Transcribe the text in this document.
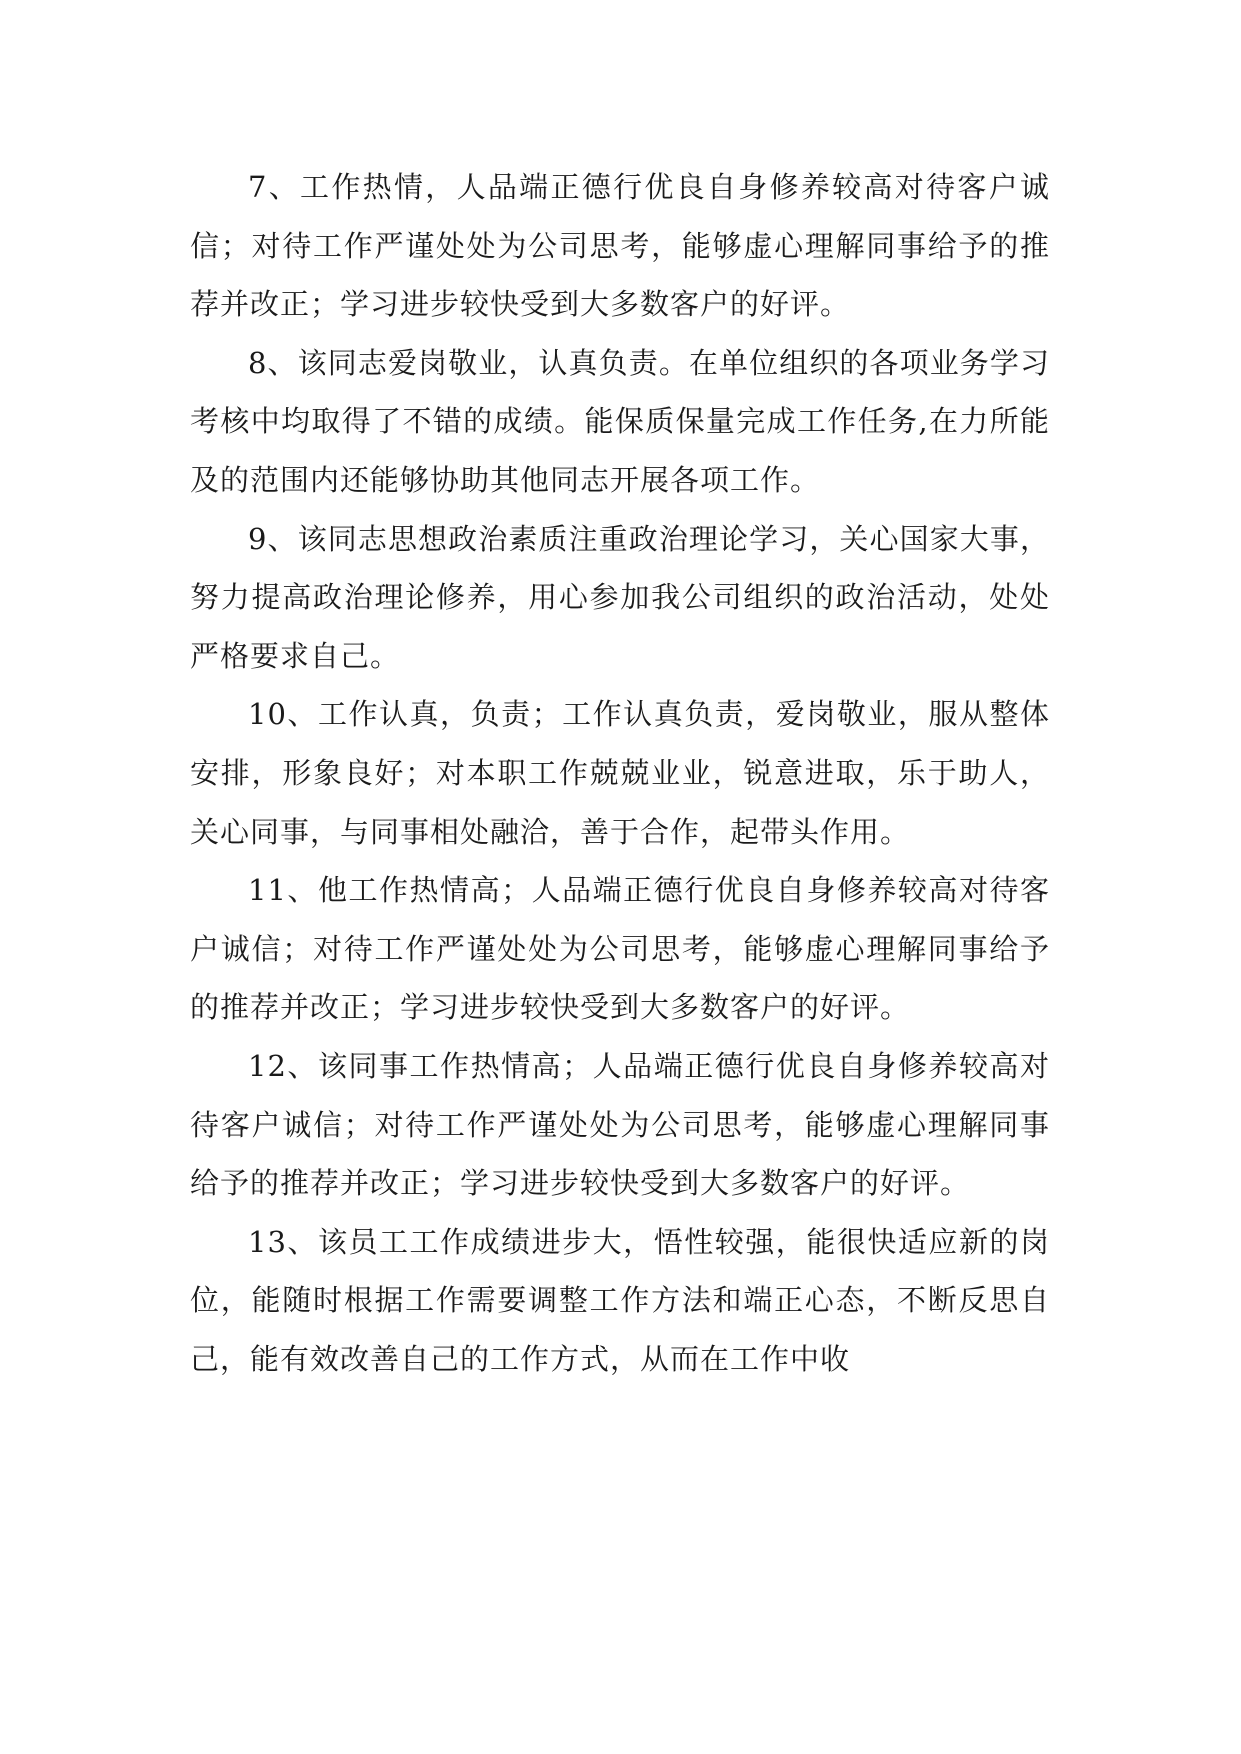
7、工作热情，人品端正德行优良自身修养较高对待客户诚信；对待工作严谨处处为公司思考，能够虚心理解同事给予的推荐并改正；学习进步较快受到大多数客户的好评。

8、该同志爱岗敬业，认真负责。在单位组织的各项业务学习考核中均取得了不错的成绩。能保质保量完成工作任务,在力所能及的范围内还能够协助其他同志开展各项工作。

9、该同志思想政治素质注重政治理论学习，关心国家大事，努力提高政治理论修养，用心参加我公司组织的政治活动，处处严格要求自己。

10、工作认真，负责；工作认真负责，爱岗敬业，服从整体安排，形象良好；对本职工作兢兢业业，锐意进取，乐于助人，关心同事，与同事相处融洽，善于合作，起带头作用。

11、他工作热情高；人品端正德行优良自身修养较高对待客户诚信；对待工作严谨处处为公司思考，能够虚心理解同事给予的推荐并改正；学习进步较快受到大多数客户的好评。

12、该同事工作热情高；人品端正德行优良自身修养较高对待客户诚信；对待工作严谨处处为公司思考，能够虚心理解同事给予的推荐并改正；学习进步较快受到大多数客户的好评。

13、该员工工作成绩进步大，悟性较强，能很快适应新的岗位，能随时根据工作需要调整工作方法和端正心态，不断反思自己，能有效改善自己的工作方式，从而在工作中收
